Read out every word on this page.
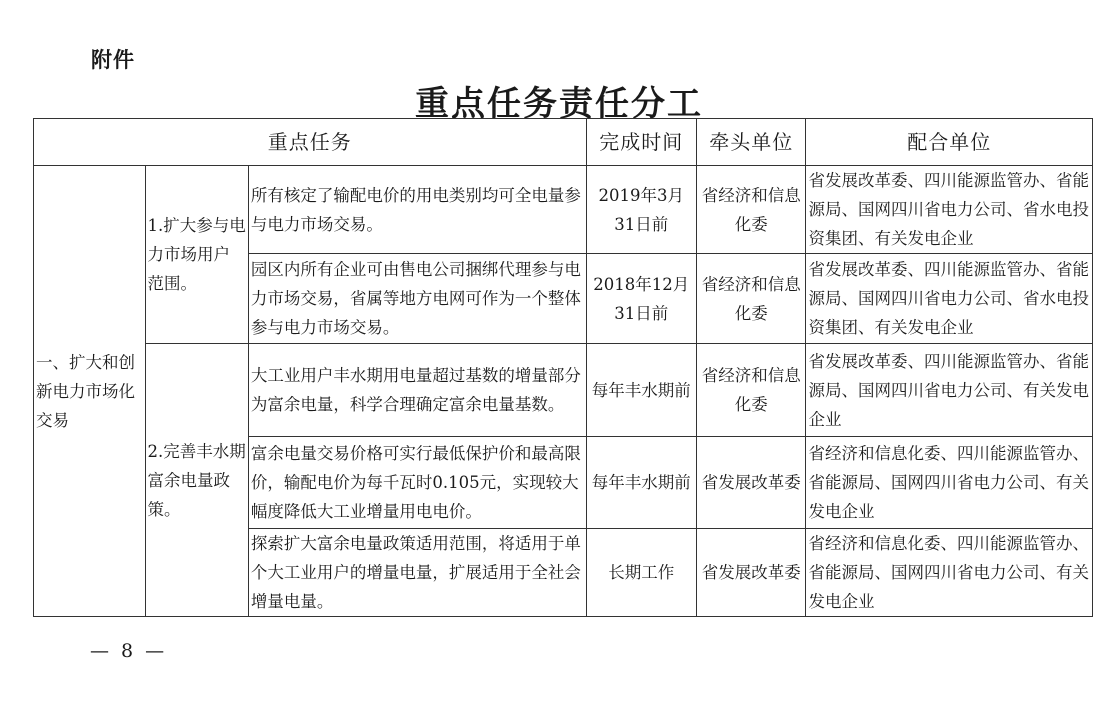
附件
重点任务责任分工
重点任务			完成时间	牵头单位	配合单位
一、扩大和创新电力市场化交易	1.扩大参与电力市场用户范围。	所有核定了输配电价的用电类别均可全电量参与电力市场交易。	2019年3月31日前	省经济和信息化委	省发展改革委、四川能源监管办、省能源局、国网四川省电力公司、省水电投资集团、有关发电企业
		园区内所有企业可由售电公司捆绑代理参与电力市场交易，省属等地方电网可作为一个整体参与电力市场交易。	2018年12月31日前	省经济和信息化委	省发展改革委、四川能源监管办、省能源局、国网四川省电力公司、省水电投资集团、有关发电企业
	2.完善丰水期富余电量政策。	大工业用户丰水期用电量超过基数的增量部分为富余电量，科学合理确定富余电量基数。	每年丰水期前	省经济和信息化委	省发展改革委、四川能源监管办、省能源局、国网四川省电力公司、有关发电企业
		富余电量交易价格可实行最低保护价和最高限价，输配电价为每千瓦时0.105元，实现较大幅度降低大工业增量用电电价。	每年丰水期前	省发展改革委	省经济和信息化委、四川能源监管办、省能源局、国网四川省电力公司、有关发电企业
		探索扩大富余电量政策适用范围，将适用于单个大工业用户的增量电量，扩展适用于全社会增量电量。	长期工作	省发展改革委	省经济和信息化委、四川能源监管办、省能源局、国网四川省电力公司、有关发电企业
— 8 —
